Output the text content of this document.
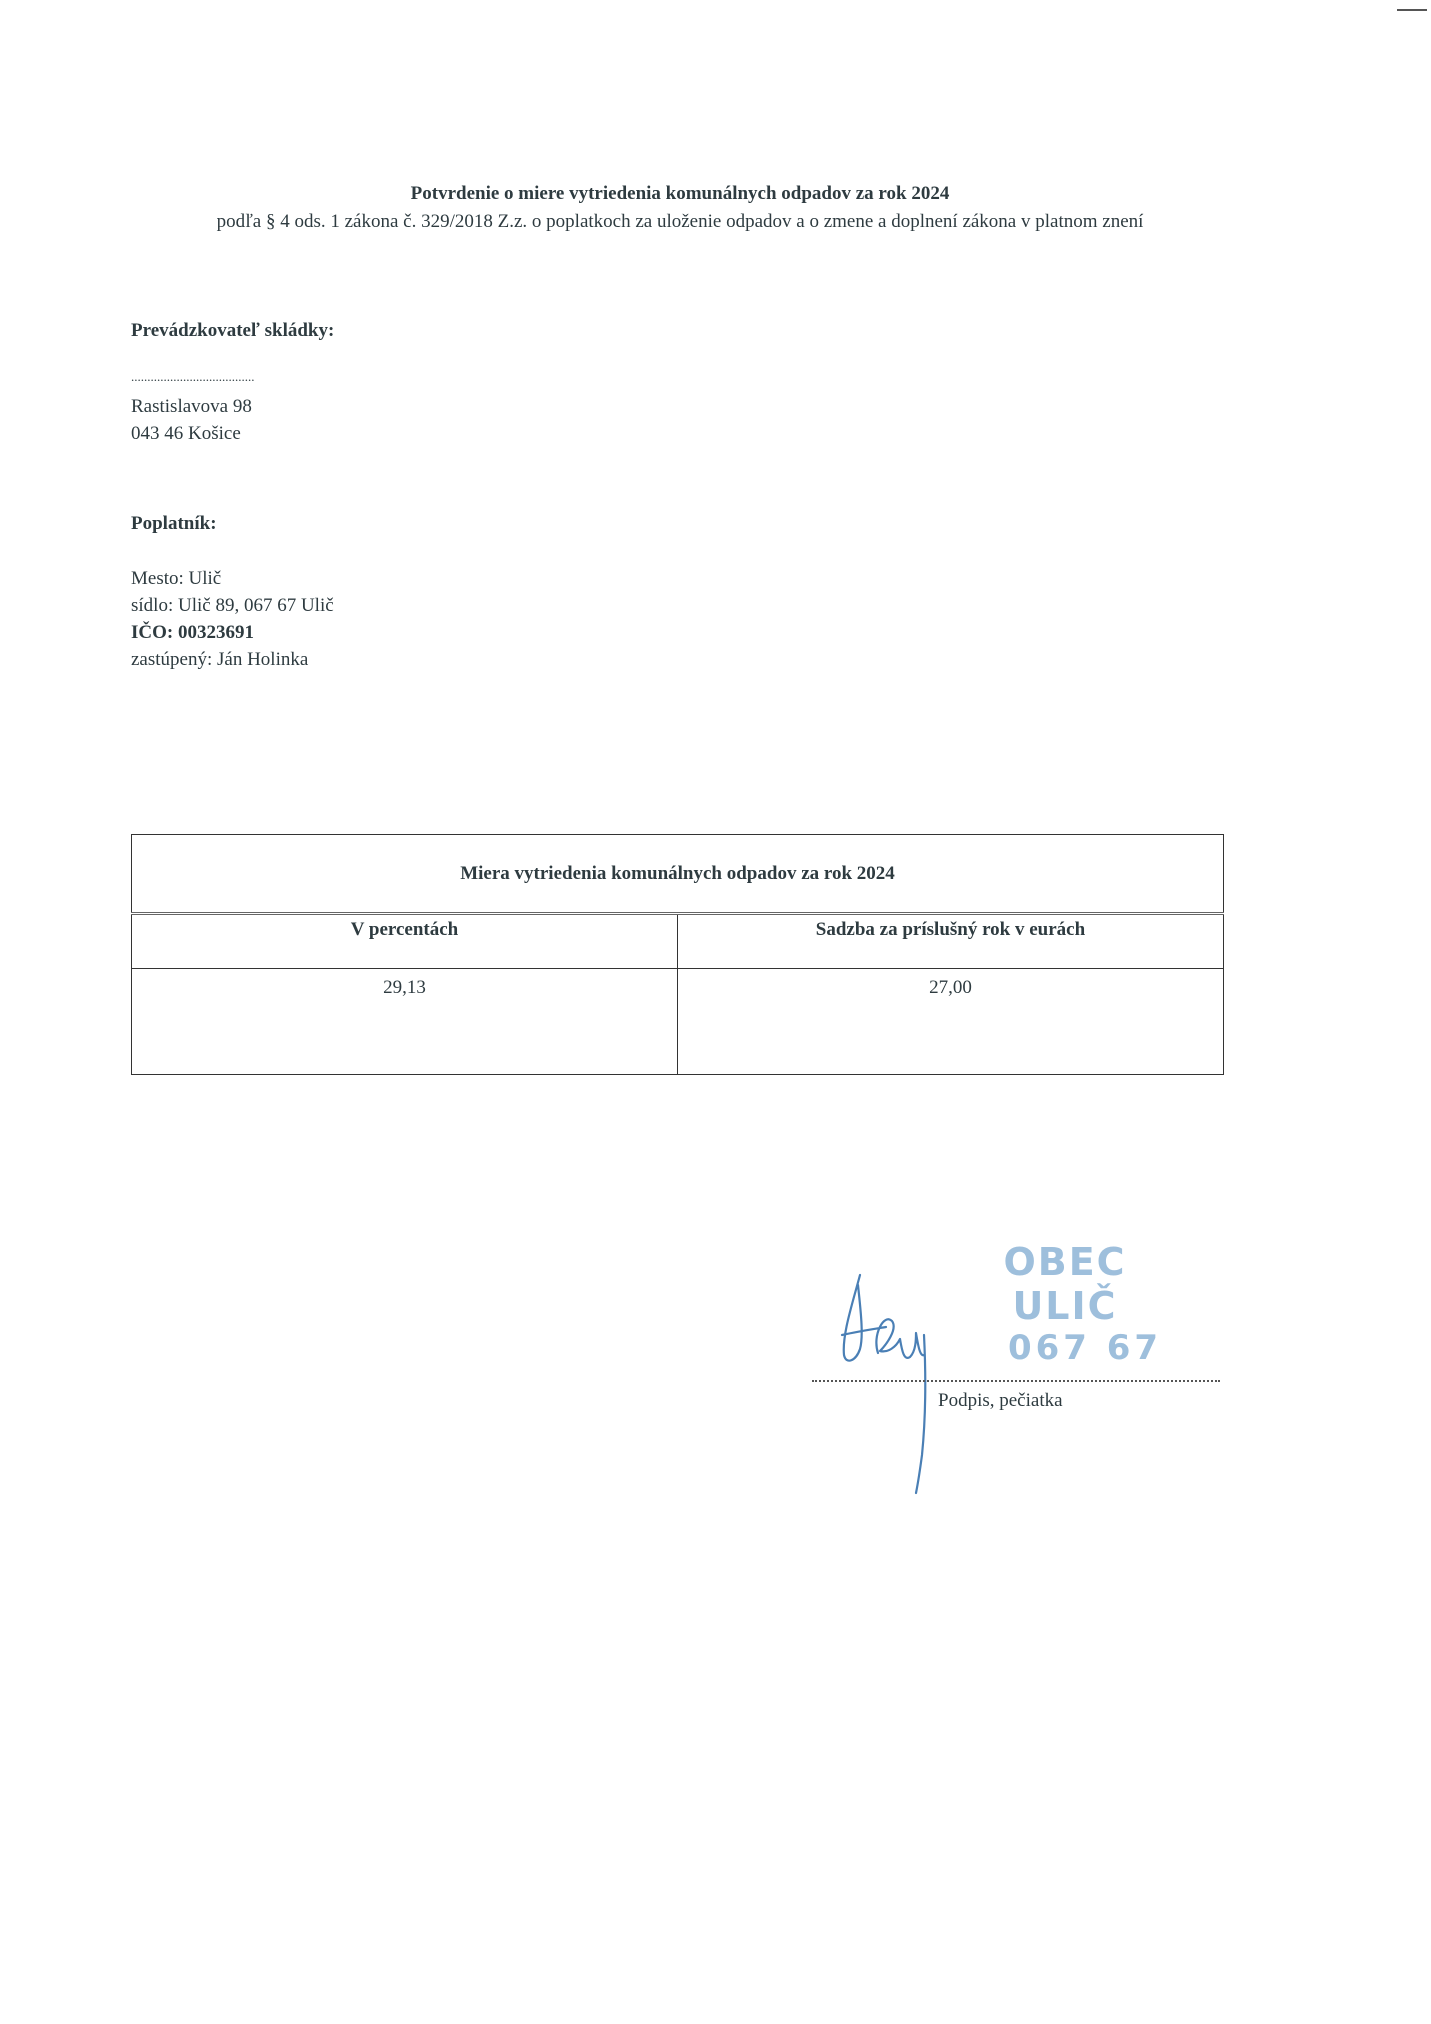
Potvrdenie o miere vytriedenia komunálnych odpadov za rok 2024

podľa § 4 ods. 1 zákona č. 329/2018 Z.z. o poplatkoch za uloženie odpadov a o zmene a doplnení zákona v platnom znení

Prevádzkovateľ skládky:

......................................
Rastislavova 98
043 46 Košice

Poplatník:

Mesto: Ulič
sídlo: Ulič 89, 067 67 Ulič
IČO: 00323691
zastúpený: Ján Holinka
Miera vytriedenia komunálnych odpadov za rok 2024	
V percentách	Sadzba za príslušný rok v eurách
29,13	27,00
OBEC ULIČ
067 67
Podpis, pečiatka
